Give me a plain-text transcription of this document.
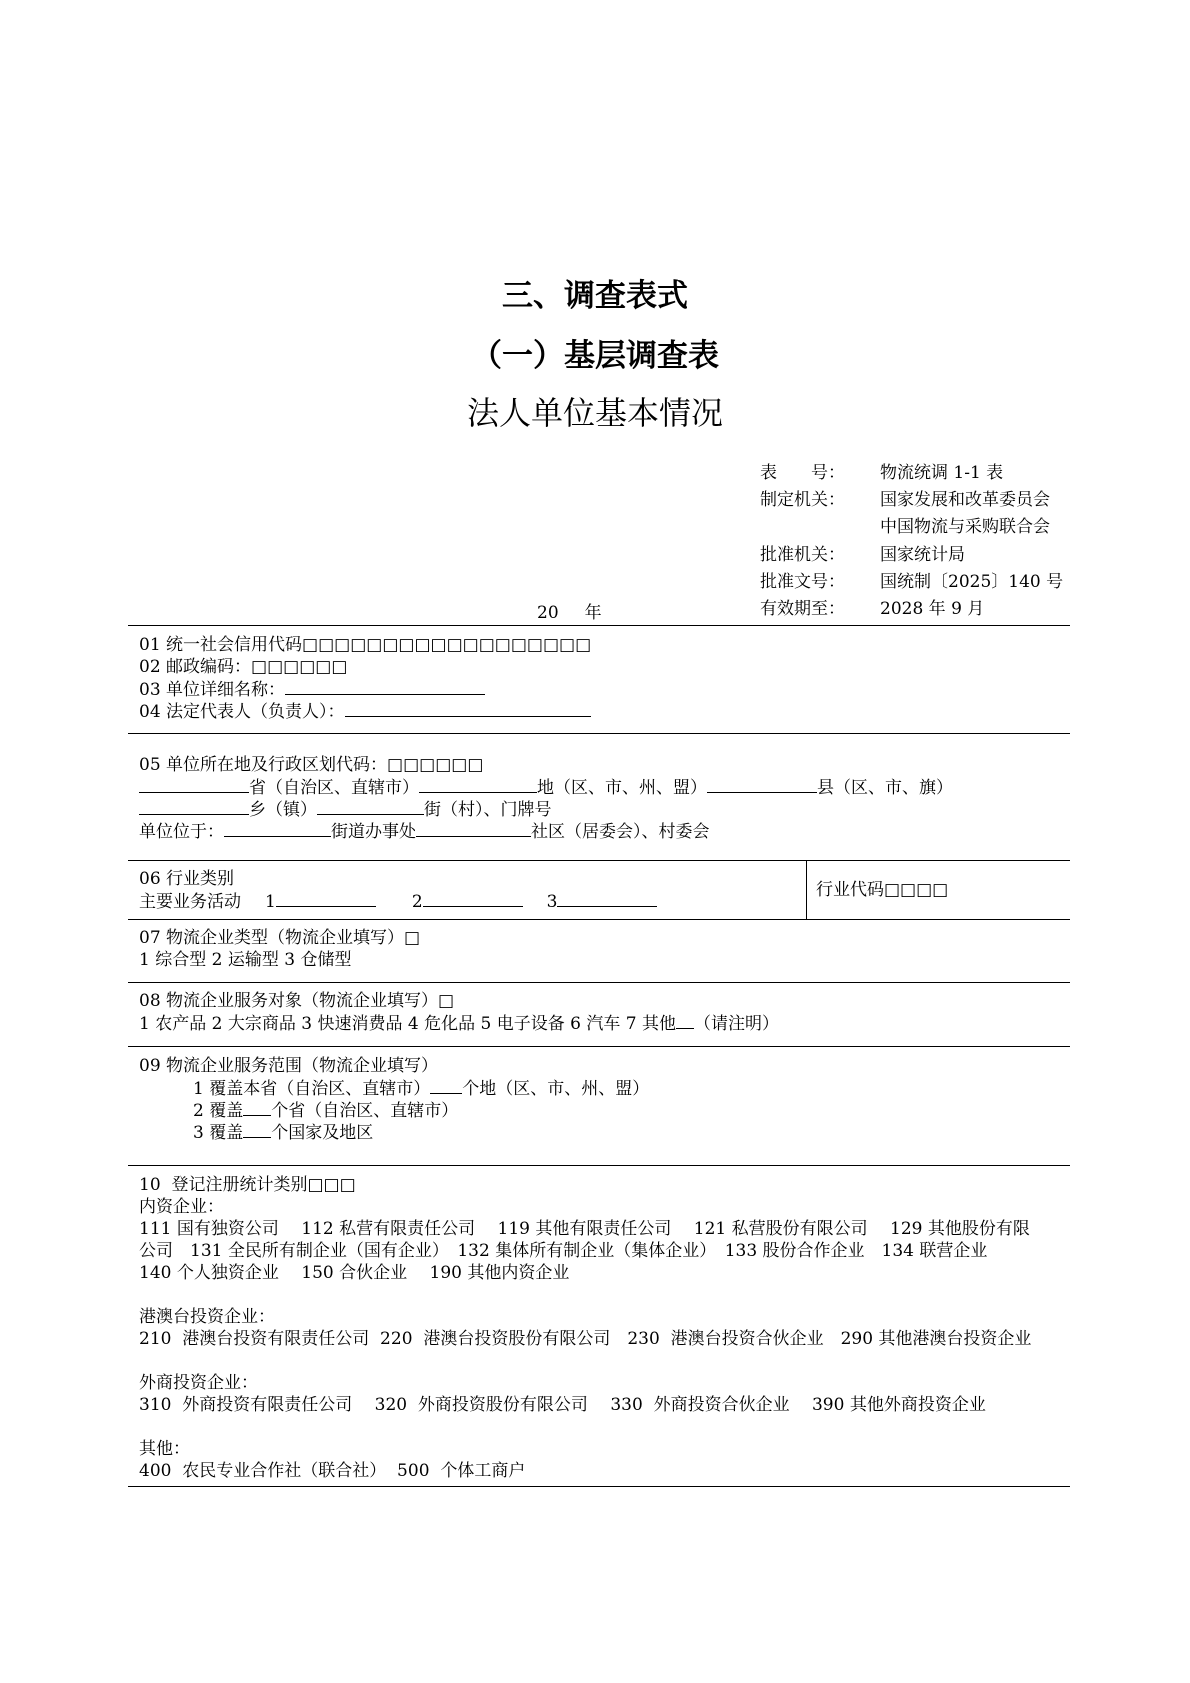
三、调查表式
（一）基层调查表
法人单位基本情况
表　　号：	物流统调 1-1 表
制定机关：	国家发展和改革委员会
中国物流与采购联合会
批准机关：	国家统计局
批准文号：	国统制〔2025〕140 号
有效期至：	2028 年 9 月
20 年
01 统一社会信用代码□□□□□□□□□□□□□□□□□□
02 邮政编码：□□□□□□
03 单位详细名称：
04 法定代表人（负责人）：
05 单位所在地及行政区划代码：□□□□□□
省（自治区、直辖市）	地（区、市、州、盟）	县（区、市、旗）
乡（镇）	街（村）、门牌号
单位位于：	街道办事处	社区（居委会）、村委会
06 行业类别
主要业务活动 1	2	3
行业代码□□□□
07 物流企业类型（物流企业填写）□
1 综合型 2 运输型 3 仓储型
08 物流企业服务对象（物流企业填写）□
1 农产品 2 大宗商品 3 快速消费品 4 危化品 5 电子设备 6 汽车 7 其他 （请注明）
09 物流企业服务范围（物流企业填写）
1 覆盖本省（自治区、直辖市） 个地（区、市、州、盟）
2 覆盖 个省（自治区、直辖市）
3 覆盖 个国家及地区
10  登记注册统计类别□□□
内资企业：
111 国有独资公司　 112 私营有限责任公司　 119 其他有限责任公司　 121 私营股份有限公司　 129 其他股份有限
公司　131 全民所有制企业（国有企业）　132 集体所有制企业（集体企业）　133 股份合作企业　134 联营企业
140 个人独资企业　 150 合伙企业　 190 其他内资企业
港澳台投资企业：
210  港澳台投资有限责任公司  220  港澳台投资股份有限公司　230  港澳台投资合伙企业　290 其他港澳台投资企业
外商投资企业：
310  外商投资有限责任公司　 320  外商投资股份有限公司　 330  外商投资合伙企业　 390 其他外商投资企业
其他：
400  农民专业合作社（联合社）  500  个体工商户
